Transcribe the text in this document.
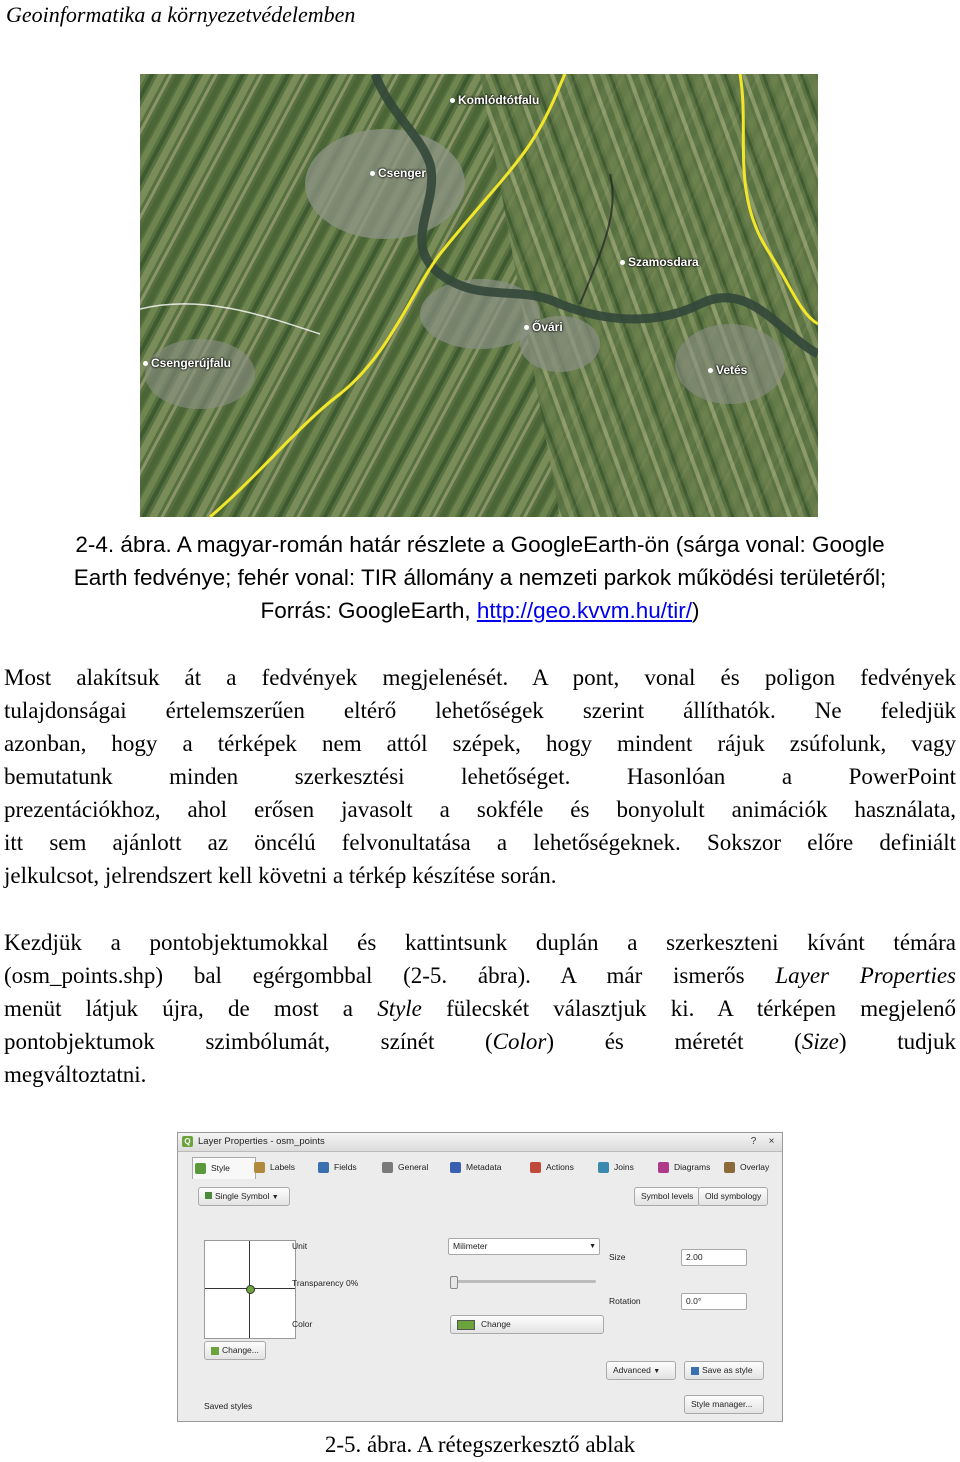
Geoinformatika a környezetvédelemben
Komlódtótfalu
Csenger
Szamosdara
Ővári
Csengerújfalu	Vetés
2-4. ábra. A magyar-román határ részlete a GoogleEarth-ön (sárga vonal: Google
Earth fedvénye; fehér vonal: TIR állomány a nemzeti parkok működési területéről;
Forrás: GoogleEarth, http://geo.kvvm.hu/tir/)
Most alakítsuk át a fedvények megjelenését. A pont, vonal és poligon fedvények
tulajdonságai értelemszerűen eltérő lehetőségek szerint állíthatók. Ne feledjük
azonban, hogy a térképek nem attól szépek, hogy mindent rájuk zsúfolunk, vagy
bemutatunk minden szerkesztési lehetőséget. Hasonlóan a PowerPoint
prezentációkhoz, ahol erősen javasolt a sokféle és bonyolult animációk használata,
itt sem ajánlott az öncélú felvonultatása a lehetőségeknek. Sokszor előre definiált
jelkulcsot, jelrendszert kell követni a térkép készítése során.
Kezdjük a pontobjektumokkal és kattintsunk duplán a szerkeszteni kívánt témára
(osm_points.shp) bal egérgombbal (2-5. ábra). A már ismerős Layer Properties
menüt látjuk újra, de most a Style fülecskét választjuk ki. A térképen megjelenő
pontobjektumok szimbólumát, színét (Color) és méretét (Size) tudjuk
megváltoztatni.
Q Layer Properties - osm_points	?	×
Style	Labels	Fields	General	Metadata	Actions	Joins	Diagrams	Overlay
Single Symbol ▼	Symbol levels	Old symbology
Unit	Milimeter	▼
Transparency 0%
Color	Change
Size	2.00
Rotation	0.0°
Change...
Advanced ▼	Save as style
Saved styles	Style manager...
2-5. ábra. A rétegszerkesztő ablak
